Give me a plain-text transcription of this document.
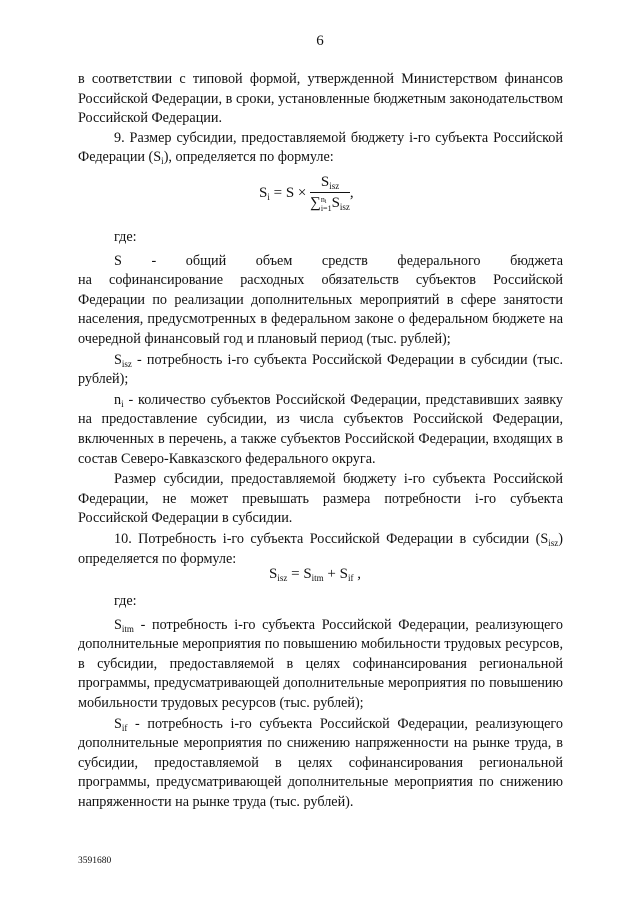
6

в соответствии с типовой формой, утвержденной Министерством финансов Российской Федерации, в сроки, установленные бюджетным законодательством Российской Федерации.

9. Размер субсидии, предоставляемой бюджету i-го субъекта Российской Федерации $(S_i)$, определяется по формуле:

$S_i = S \times S_{isz}$
∑ $n_i$
i=1 $S_{isz}$ ,

где:

S - общий объем средств федерального бюджета

на софинансирование расходных обязательств субъектов Российской Федерации по реализации дополнительных мероприятий в сфере занятости населения, предусмотренных в федеральном законе о федеральном бюджете на очередной финансовый год и плановый период (тыс. рублей);

$S_{isz}$ - потребность i-го субъекта Российской Федерации в субсидии (тыс. рублей);

$n_i$ - количество субъектов Российской Федерации, представивших заявку на предоставление субсидии, из числа субъектов Российской Федерации, включенных в перечень, а также субъектов Российской Федерации, входящих в состав Северо-Кавказского федерального округа.

Размер субсидии, предоставляемой бюджету i-го субъекта Российской Федерации, не может превышать размера потребности i-го субъекта Российской Федерации в субсидии.

10. Потребность i-го субъекта Российской Федерации в субсидии $(S_{isz})$ определяется по формуле:

$S_{isz} = S_{itm} + S_{if}$ ,

где:

$S_{itm}$ - потребность i-го субъекта Российской Федерации, реализующего дополнительные мероприятия по повышению мобильности трудовых ресурсов, в субсидии, предоставляемой в целях софинансирования региональной программы, предусматривающей дополнительные мероприятия по повышению мобильности трудовых ресурсов (тыс. рублей);

$S_{if}$ - потребность i-го субъекта Российской Федерации, реализующего дополнительные мероприятия по снижению напряженности на рынке труда, в субсидии, предоставляемой в целях софинансирования региональной программы, предусматривающей дополнительные мероприятия по снижению напряженности на рынке труда (тыс. рублей).

3591680
